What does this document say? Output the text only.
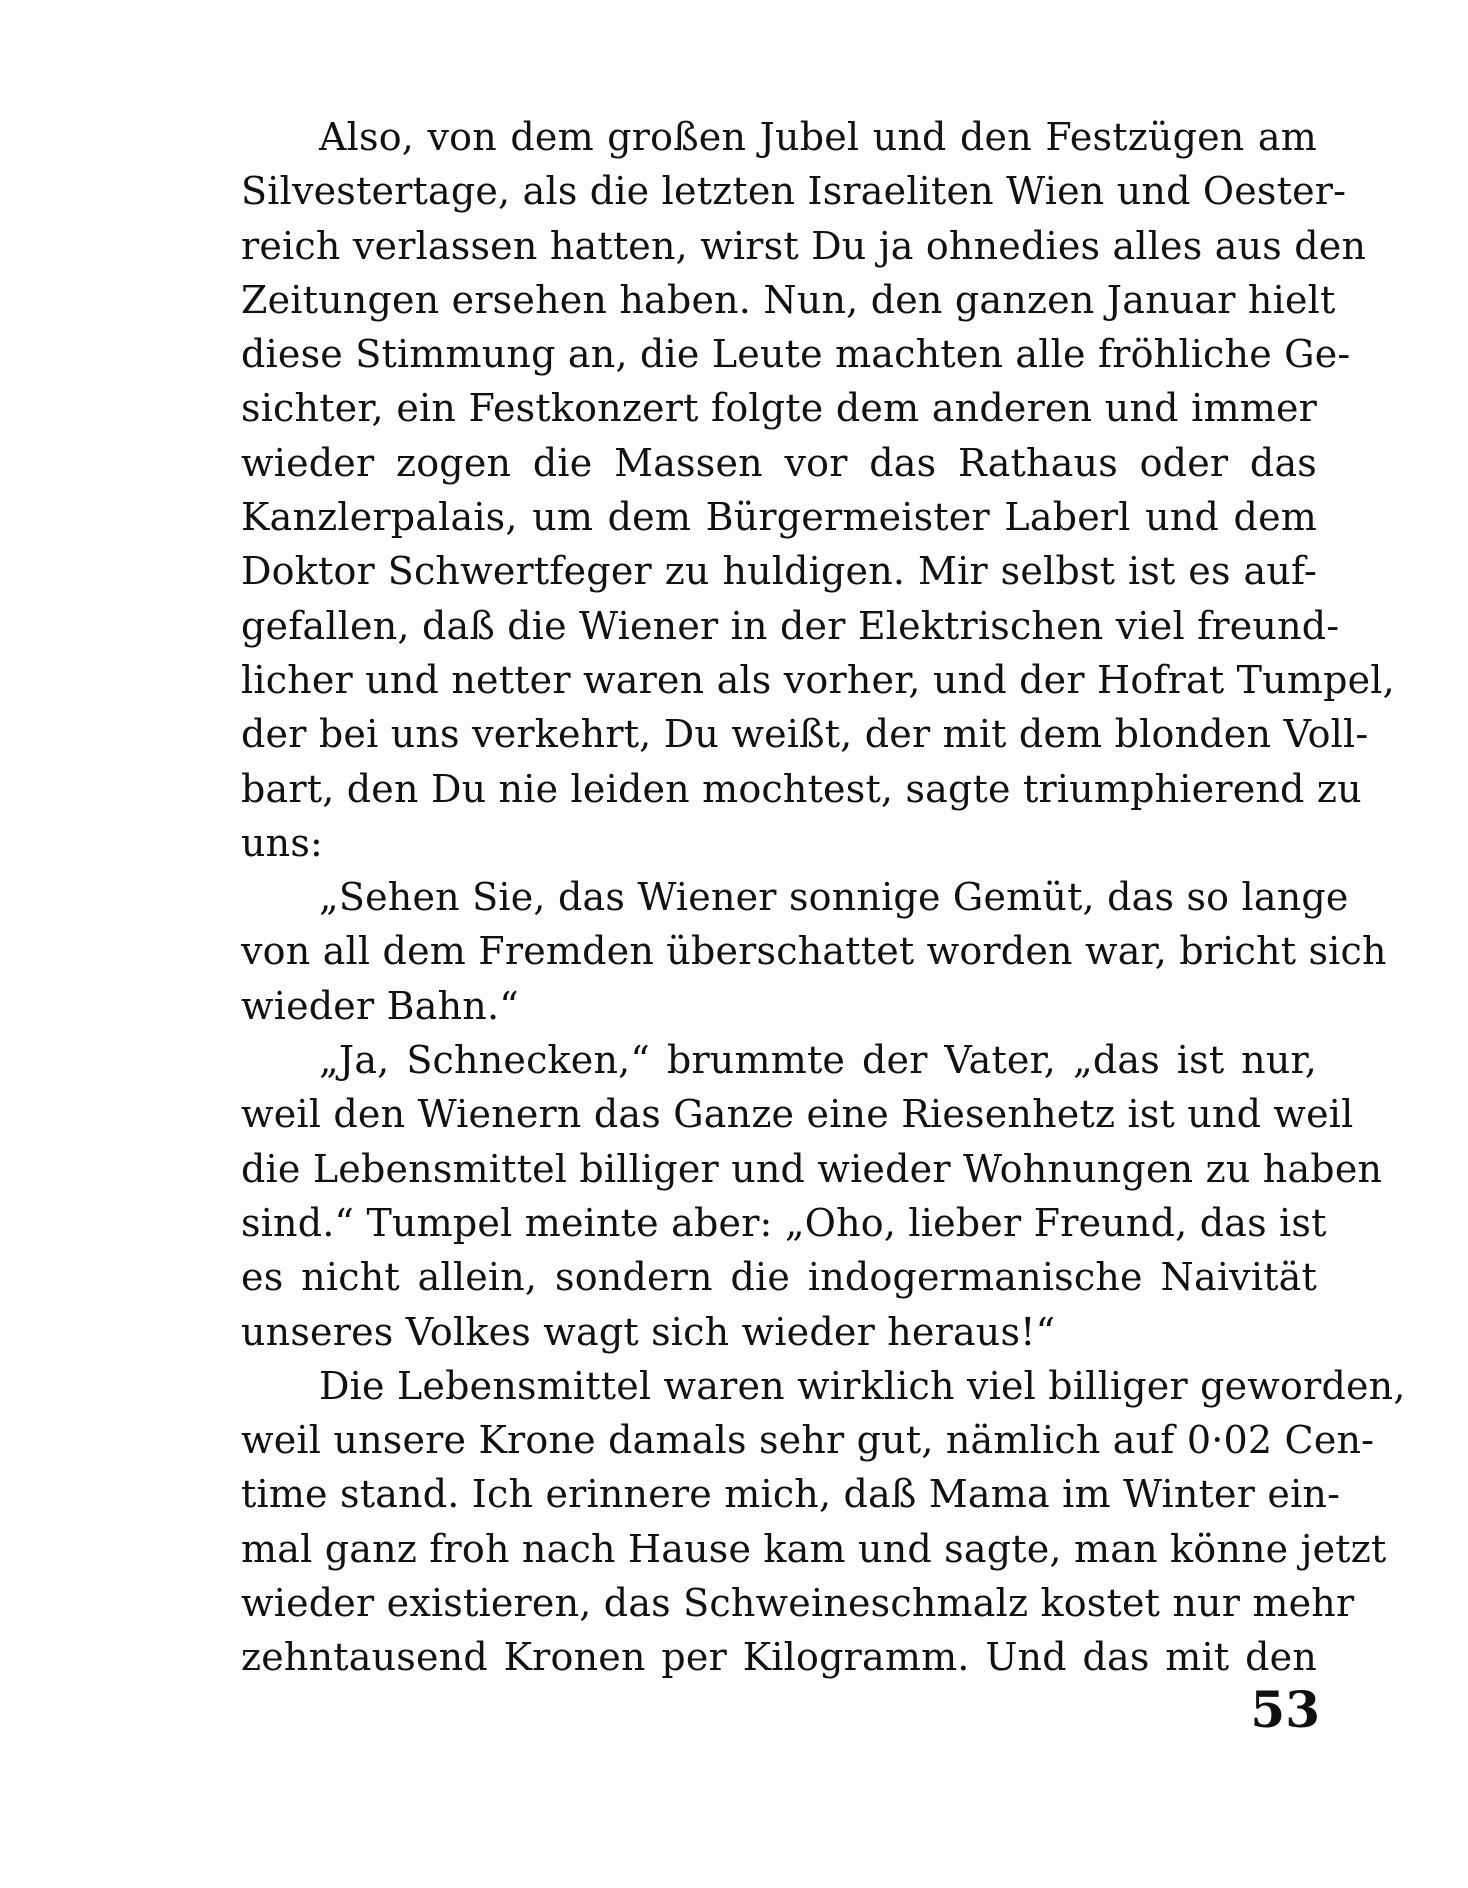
Also, von dem großen Jubel und den Festzügen am
Silvestertage, als die letzten Israeliten Wien und Oester-
reich verlassen hatten, wirst Du ja ohnedies alles aus den
Zeitungen ersehen haben. Nun, den ganzen Januar hielt
diese Stimmung an, die Leute machten alle fröhliche Ge-
sichter, ein Festkonzert folgte dem anderen und immer
wieder zogen die Massen vor das Rathaus oder das
Kanzlerpalais, um dem Bürgermeister Laberl und dem
Doktor Schwertfeger zu huldigen. Mir selbst ist es auf-
gefallen, daß die Wiener in der Elektrischen viel freund-
licher und netter waren als vorher, und der Hofrat Tumpel,
der bei uns verkehrt, Du weißt, der mit dem blonden Voll-
bart, den Du nie leiden mochtest, sagte triumphierend zu
uns:

„Sehen Sie, das Wiener sonnige Gemüt, das so lange
von all dem Fremden überschattet worden war, bricht sich
wieder Bahn.“

„Ja, Schnecken,“ brummte der Vater, „das ist nur,
weil den Wienern das Ganze eine Riesenhetz ist und weil
die Lebensmittel billiger und wieder Wohnungen zu haben
sind.“ Tumpel meinte aber: „Oho, lieber Freund, das ist
es nicht allein, sondern die indogermanische Naivität
unseres Volkes wagt sich wieder heraus!“

Die Lebensmittel waren wirklich viel billiger geworden,
weil unsere Krone damals sehr gut, nämlich auf 0·02 Cen-
time stand. Ich erinnere mich, daß Mama im Winter ein-
mal ganz froh nach Hause kam und sagte, man könne jetzt
wieder existieren, das Schweineschmalz kostet nur mehr
zehntausend Kronen per Kilogramm. Und das mit den

53
